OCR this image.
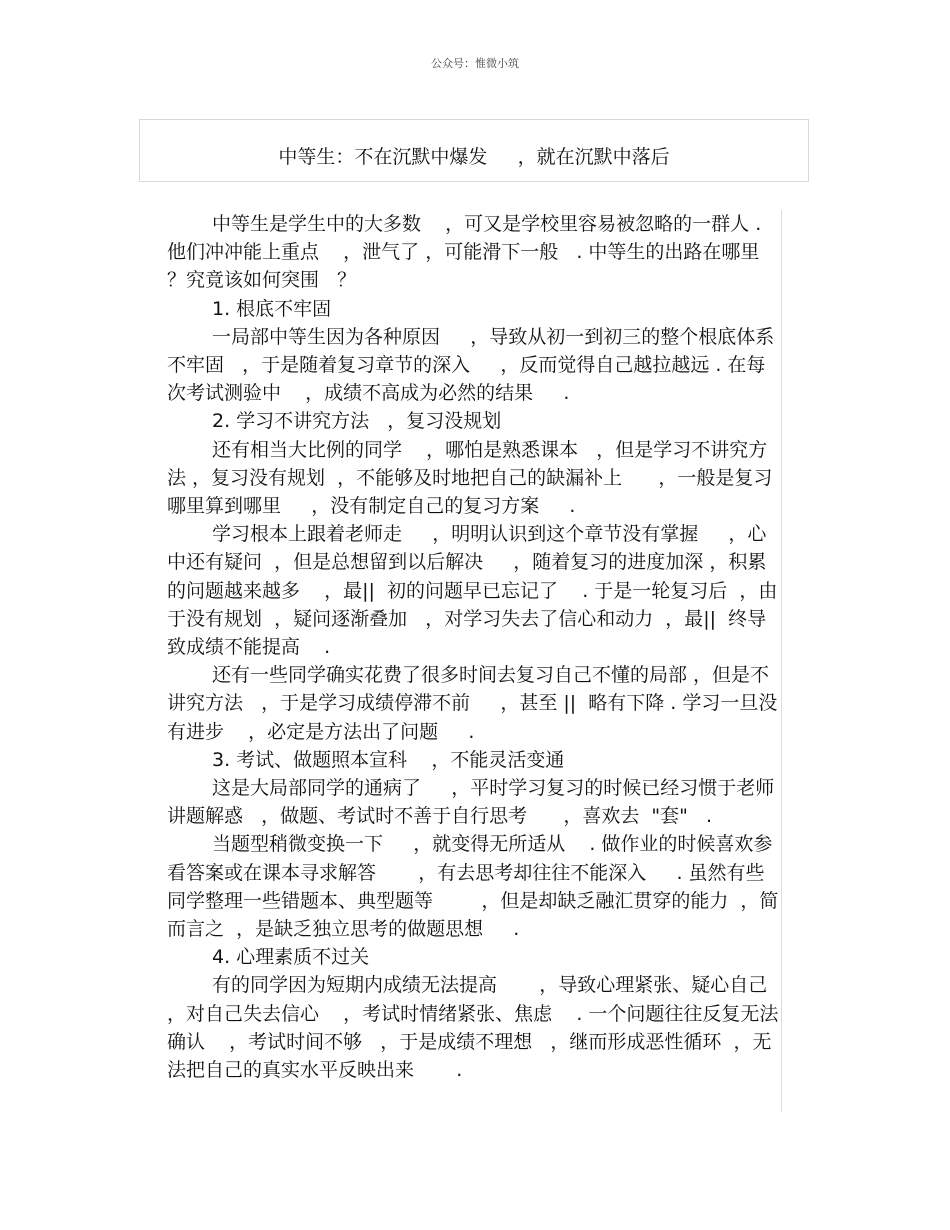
公众号：惟微小筑
中等生：不在沉默中爆发     ，就在沉默中落后

中等生是学生中的大多数    ，可又是学校里容易被忽略的一群人 . 他们冲冲能上重点    ，泄气了 ，可能滑下一般   . 中等生的出路在哪里   ？究竟该如何突围   ？

1. 根底不牢固

一局部中等生因为各种原因     ，导致从初一到初三的整个根底体系不牢固   ，于是随着复习章节的深入     ，反而觉得自己越拉越远 . 在每次考试测验中    ，成绩不高成为必然的结果     .

2. 学习不讲究方法   ，复习没规划

还有相当大比例的同学    ，哪怕是熟悉课本   ，但是学习不讲究方法 ，复习没有规划  ，不能够及时地把自己的缺漏补上      ，一般是复习哪里算到哪里     ，没有制定自己的复习方案     .

学习根本上跟着老师走     ，明明认识到这个章节没有掌握     ，心中还有疑问  ，但是总想留到以后解决     ，随着复习的进度加深 ，积累的问题越来越多    ，最||  初的问题早已忘记了    . 于是一轮复习后  ，由于没有规划  ，疑问逐渐叠加   ，对学习失去了信心和动力  ，最||  终导致成绩不能提高    .

还有一些同学确实花费了很多时间去复习自己不懂的局部 ，但是不讲究方法   ，于是学习成绩停滞不前     ，甚至 ||  略有下降 . 学习一旦没有进步    ，必定是方法出了问题     .

3. 考试、做题照本宣科    ，不能灵活变通

这是大局部同学的通病了     ，平时学习复习的时候已经习惯于老师讲题解惑   ，做题、考试时不善于自行思考      ，喜欢去  "套"   .

当题型稍微变换一下     ，就变得无所适从    . 做作业的时候喜欢参看答案或在课本寻求解答       ，有去思考却往往不能深入     . 虽然有些同学整理一些错题本、典型题等        ，但是却缺乏融汇贯穿的能力  ，简而言之  ，是缺乏独立思考的做题思想     .

4. 心理素质不过关

有的同学因为短期内成绩无法提高       ，导致心理紧张、疑心自己 ，对自己失去信心    ，考试时情绪紧张、焦虑    . 一个问题往往反复无法确认    ，考试时间不够   ，于是成绩不理想   ，继而形成恶性循环  ，无法把自己的真实水平反映出来       .
